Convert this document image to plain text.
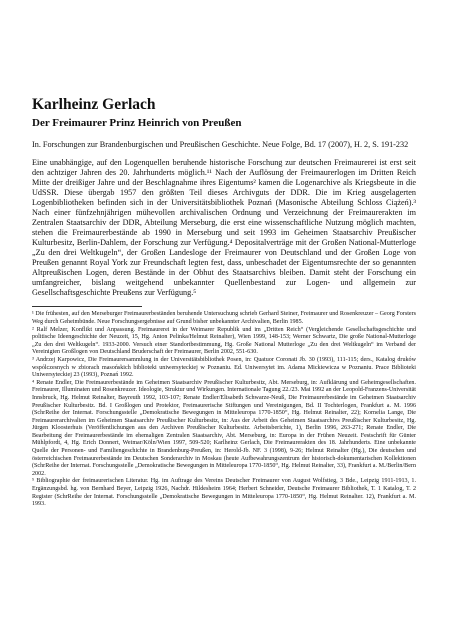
Karlheinz Gerlach
Der Freimaurer Prinz Heinrich von Preußen

In. Forschungen zur Brandenburgischen und Preußischen Geschichte. Neue Folge, Bd. 17 (2007), H. 2, S. 191-232

Eine unabhängige, auf den Logenquellen beruhende historische Forschung zur deutschen Freimaurerei ist erst seit den achtziger Jahren des 20. Jahrhunderts möglich.¹¹ Nach der Auflösung der Freimaurerlogen im Dritten Reich Mitte der dreißiger Jahre und der Beschlagnahme ihres Eigentums² kamen die Logenarchive als Kriegsbeute in die UdSSR. Diese übergab 1957 den größten Teil dieses Archivguts der DDR. Die im Krieg ausgelagerten Logenbibliotheken befinden sich in der Universitätsbibliothek Poznań (Masonische Abteilung Schloss Ciążeń).³ Nach einer fünfzehnjährigen mühevollen archivalischen Ordnung und Verzeichnung der Freimaurerakten im Zentralen Staatsarchiv der DDR, Abteilung Merseburg, die erst eine wissenschaftliche Nutzung möglich machten, stehen die Freimaurerbestände ab 1990 in Merseburg und seit 1993 im Geheimen Staatsarchiv Preußischer Kulturbesitz, Berlin-Dahlem, der Forschung zur Verfügung.⁴ Depositalverträge mit der Großen National-Mutterloge „Zu den drei Weltkugeln“, der Großen Landesloge der Freimaurer von Deutschland und der Großen Loge von Preußen genannt Royal York zur Freundschaft legten fest, dass, unbeschadet der Eigentumsrechte der so genannten Altpreußischen Logen, deren Bestände in der Obhut des Staatsarchivs bleiben. Damit steht der Forschung ein umfangreicher, bislang weitgehend unbekannter Quellenbestand zur Logen- und allgemein zur Gesellschaftsgeschichte Preußens zur Verfügung.⁵

¹ Die frühesten, auf den Merseburger Freimaurerbeständen beruhende Untersuchung schrieb Gerhard Steiner, Freimaurer und Rosenkreuzer – Georg Forsters Weg durch Geheimbünde. Neue Forschungsergebnisse auf Grund bisher unbekannter Archivalien, Berlin 1985.

² Ralf Melzer, Konflikt und Anpassung. Freimaurerei in der Weimarer Republik und im „Dritten Reich“ (Vergleichende Gesellschaftsgeschichte und politische Ideengeschichte der Neuzeit, 15, Hg. Anton Pelinka/Helmut Reinalter), Wien 1999, 148-153; Werner Schwartz, Die große National-Mutterloge „Zu den drei Weltkugeln“. 1933-2000. Versuch einer Standortbestimmung, Hg. Große National Mutterloge „Zu den drei Weltkugeln“ im Verband der Vereinigten Großlogen von Deutschland Bruderschaft der Freimaurer, Berlin 2002, 551-630.

³ Andrzej Karpowicz, Die Freimaurersammlung in der Universitätsbibliothek Posen, in: Quatuor Coronati Jb. 30 (1993), 111-115; ders., Katalog druków wspólczesnych w zbiorach masońskich biblioteki uniwersyteckiej w Poznaniu. Ed. Uniwersytet im. Adama Mickiewicza w Poznaniu. Prace Biblioteki Uniwersyteckiej 23 (1993), Poznań 1992.

⁴ Renate Endler, Die Freimaurerbestände im Geheimen Staatsarchiv Preußischer Kulturbesitz, Abt. Merseburg, in: Aufklärung und Geheimgesellschaften. Freimaurer, Illuminaten und Rosenkreuzer. Ideologie, Struktur und Wirkungen. Internationale Tagung 22./23. Mai 1992 an der Leopold-Franzens-Universität Innsbruck, Hg. Helmut Reinalter, Bayreuth 1992, 103-107; Renate Endler/Elisabeth Schwarze-Neuß, Die Freimaurerbestände im Geheimen Staatsarchiv Preußischer Kulturbesitz. Bd. I Großlogen und Protektor, Freimaurerische Stiftungen und Vereinigungen, Bd. II Tochterlogen, Frankfurt a. M. 1996 (SchrReihe der Internat. Forschungsstelle „Demokratische Bewegungen in Mitteleuropa 1770-1850“, Hg. Helmut Reinalter, 22); Kornelia Lange, Die Freimaurerarchivalien im Geheimen Staatsarchiv Preußischer Kulturbesitz, in: Aus der Arbeit des Geheimen Staatsarchivs Preußischer Kulturbesitz, Hg. Jürgen Kloosterhuis (Veröffentlichungen aus den Archiven Preußischer Kulturbesitz. Arbeitsberichte, 1), Berlin 1996, 263-271; Renate Endler, Die Bearbeitung der Freimaurerbestände im ehemaligen Zentralen Staatsarchiv, Abt. Merseburg, in: Europa in der Frühen Neuzeit. Festschrift für Günter Mühlpfordt, 4, Hg. Erich Donnert, Weimar/Köln/Wien 1997, 509-520; Karlheinz Gerlach, Die Freimaurerakten des 18. Jahrhunderts. Eine unbekannte Quelle der Personen- und Familiengeschichte in Brandenburg-Preußen, in: Herold-Jb. NF. 3 (1998), 9-26; Helmut Reinalter (Hg.), Die deutschen und österreichischen Freimaurerbestände im Deutschen Sonderarchiv in Moskau (heute Aufbewahrungszentrum der historisch-dokumentarischen Kollektionen (SchrReihe der Internat. Forschungsstelle „Demokratische Bewegungen in Mitteleuropa 1770-1850“, Hg. Helmut Reinalter, 33), Frankfurt a. M./Berlin/Bern 2002.

⁵ Bibliographie der freimaurerischen Literatur. Hg. im Auftrage des Vereins Deutscher Freimaurer von August Wolfstieg, 3 Bde., Leipzig 1911-1913, 1. Ergänzungsbd. hg. von Bernhard Beyer, Leipzig 1926, Nachdr. Hildesheim 1964; Herbert Schneider, Deutsche Freimaurer Bibliothek, T. 1 Katalog, T. 2 Register (SchrReihe der Internat. Forschungsstelle „Demokratische Bewegungen in Mitteleuropa 1770-1850“, Hg. Helmut Reinalter. 12), Frankfurt a. M. 1993.
